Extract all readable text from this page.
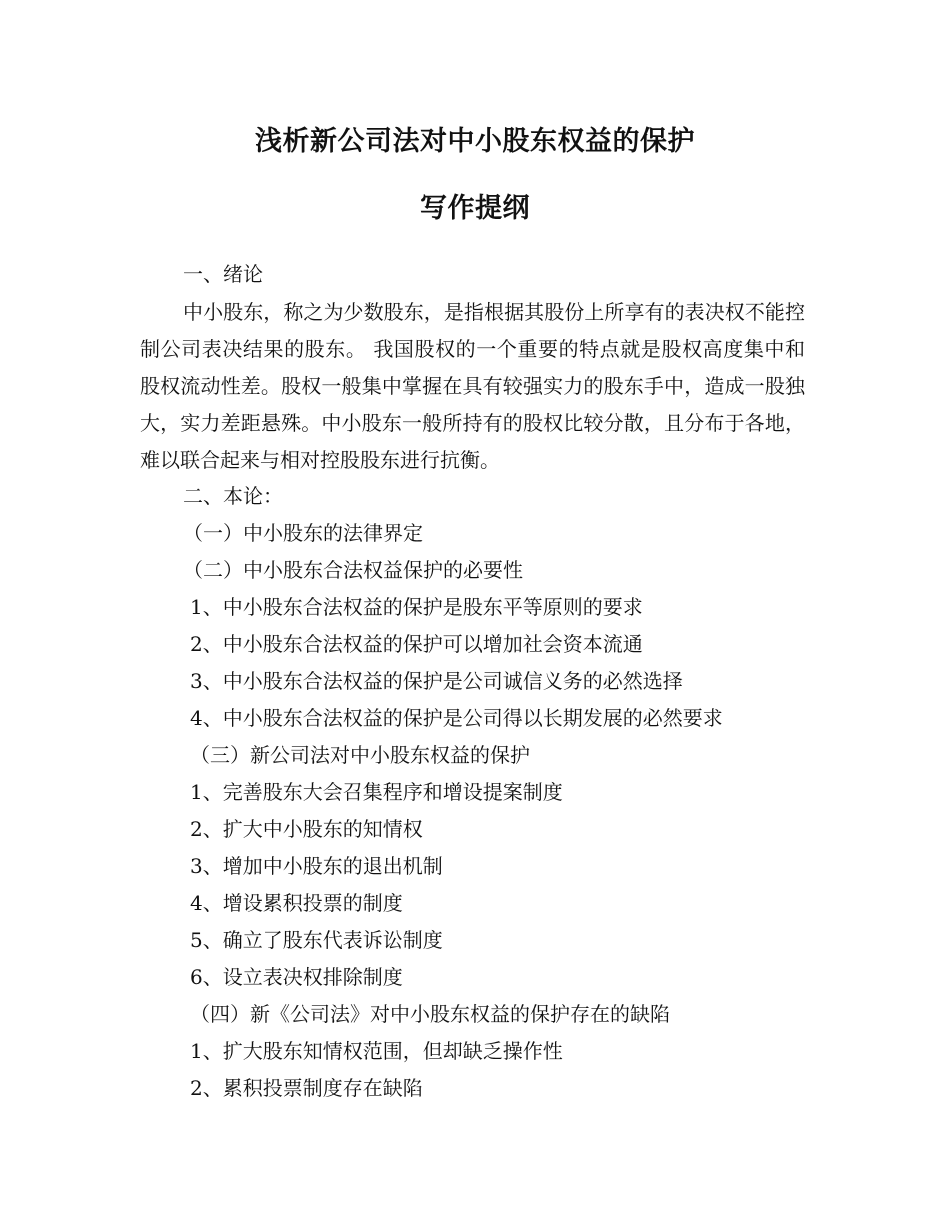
浅析新公司法对中小股东权益的保护
写作提纲
一、绪论
中小股东，称之为少数股东，是指根据其股份上所享有的表决权不能控制公司表决结果的股东。 我国股权的一个重要的特点就是股权高度集中和股权流动性差。股权一般集中掌握在具有较强实力的股东手中，造成一股独大，实力差距悬殊。中小股东一般所持有的股权比较分散，且分布于各地，难以联合起来与相对控股股东进行抗衡。
二、本论：
（一）中小股东的法律界定
（二）中小股东合法权益保护的必要性
1、中小股东合法权益的保护是股东平等原则的要求
2、中小股东合法权益的保护可以增加社会资本流通
3、中小股东合法权益的保护是公司诚信义务的必然选择
4、中小股东合法权益的保护是公司得以长期发展的必然要求
（三）新公司法对中小股东权益的保护
1、完善股东大会召集程序和增设提案制度
2、扩大中小股东的知情权
3、增加中小股东的退出机制
4、增设累积投票的制度
5、确立了股东代表诉讼制度
6、设立表决权排除制度
（四）新《公司法》对中小股东权益的保护存在的缺陷
1、扩大股东知情权范围，但却缺乏操作性
2、累积投票制度存在缺陷
